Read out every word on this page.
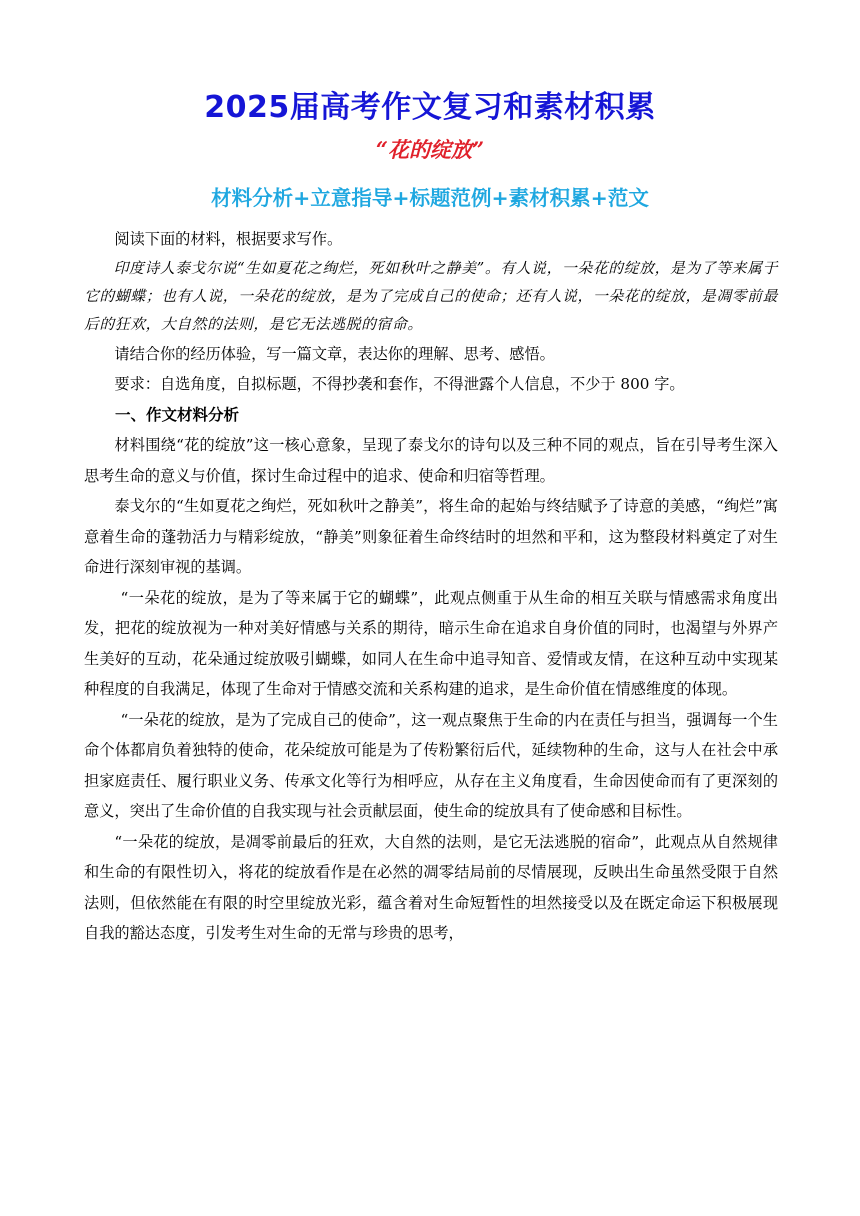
2025届高考作文复习和素材积累
“花的绽放”
材料分析+立意指导+标题范例+素材积累+范文

阅读下面的材料，根据要求写作。

印度诗人泰戈尔说“生如夏花之绚烂，死如秋叶之静美”。有人说，一朵花的绽放，是为了等来属于它的蝴蝶；也有人说，一朵花的绽放，是为了完成自己的使命；还有人说，一朵花的绽放，是凋零前最后的狂欢，大自然的法则，是它无法逃脱的宿命。

请结合你的经历体验，写一篇文章，表达你的理解、思考、感悟。

要求：自选角度，自拟标题，不得抄袭和套作，不得泄露个人信息，不少于 800 字。

一、作文材料分析

材料围绕“花的绽放”这一核心意象，呈现了泰戈尔的诗句以及三种不同的观点，旨在引导考生深入思考生命的意义与价值，探讨生命过程中的追求、使命和归宿等哲理。

泰戈尔的“生如夏花之绚烂，死如秋叶之静美”，将生命的起始与终结赋予了诗意的美感，“绚烂”寓意着生命的蓬勃活力与精彩绽放，“静美”则象征着生命终结时的坦然和平和，这为整段材料奠定了对生命进行深刻审视的基调。

“一朵花的绽放，是为了等来属于它的蝴蝶”，此观点侧重于从生命的相互关联与情感需求角度出发，把花的绽放视为一种对美好情感与关系的期待，暗示生命在追求自身价值的同时，也渴望与外界产生美好的互动，花朵通过绽放吸引蝴蝶，如同人在生命中追寻知音、爱情或友情，在这种互动中实现某种程度的自我满足，体现了生命对于情感交流和关系构建的追求，是生命价值在情感维度的体现。

“一朵花的绽放，是为了完成自己的使命”，这一观点聚焦于生命的内在责任与担当，强调每一个生命个体都肩负着独特的使命，花朵绽放可能是为了传粉繁衍后代，延续物种的生命，这与人在社会中承担家庭责任、履行职业义务、传承文化等行为相呼应，从存在主义角度看，生命因使命而有了更深刻的意义，突出了生命价值的自我实现与社会贡献层面，使生命的绽放具有了使命感和目标性。

“一朵花的绽放，是凋零前最后的狂欢，大自然的法则，是它无法逃脱的宿命”，此观点从自然规律和生命的有限性切入，将花的绽放看作是在必然的凋零结局前的尽情展现，反映出生命虽然受限于自然法则，但依然能在有限的时空里绽放光彩，蕴含着对生命短暂性的坦然接受以及在既定命运下积极展现自我的豁达态度，引发考生对生命的无常与珍贵的思考，
